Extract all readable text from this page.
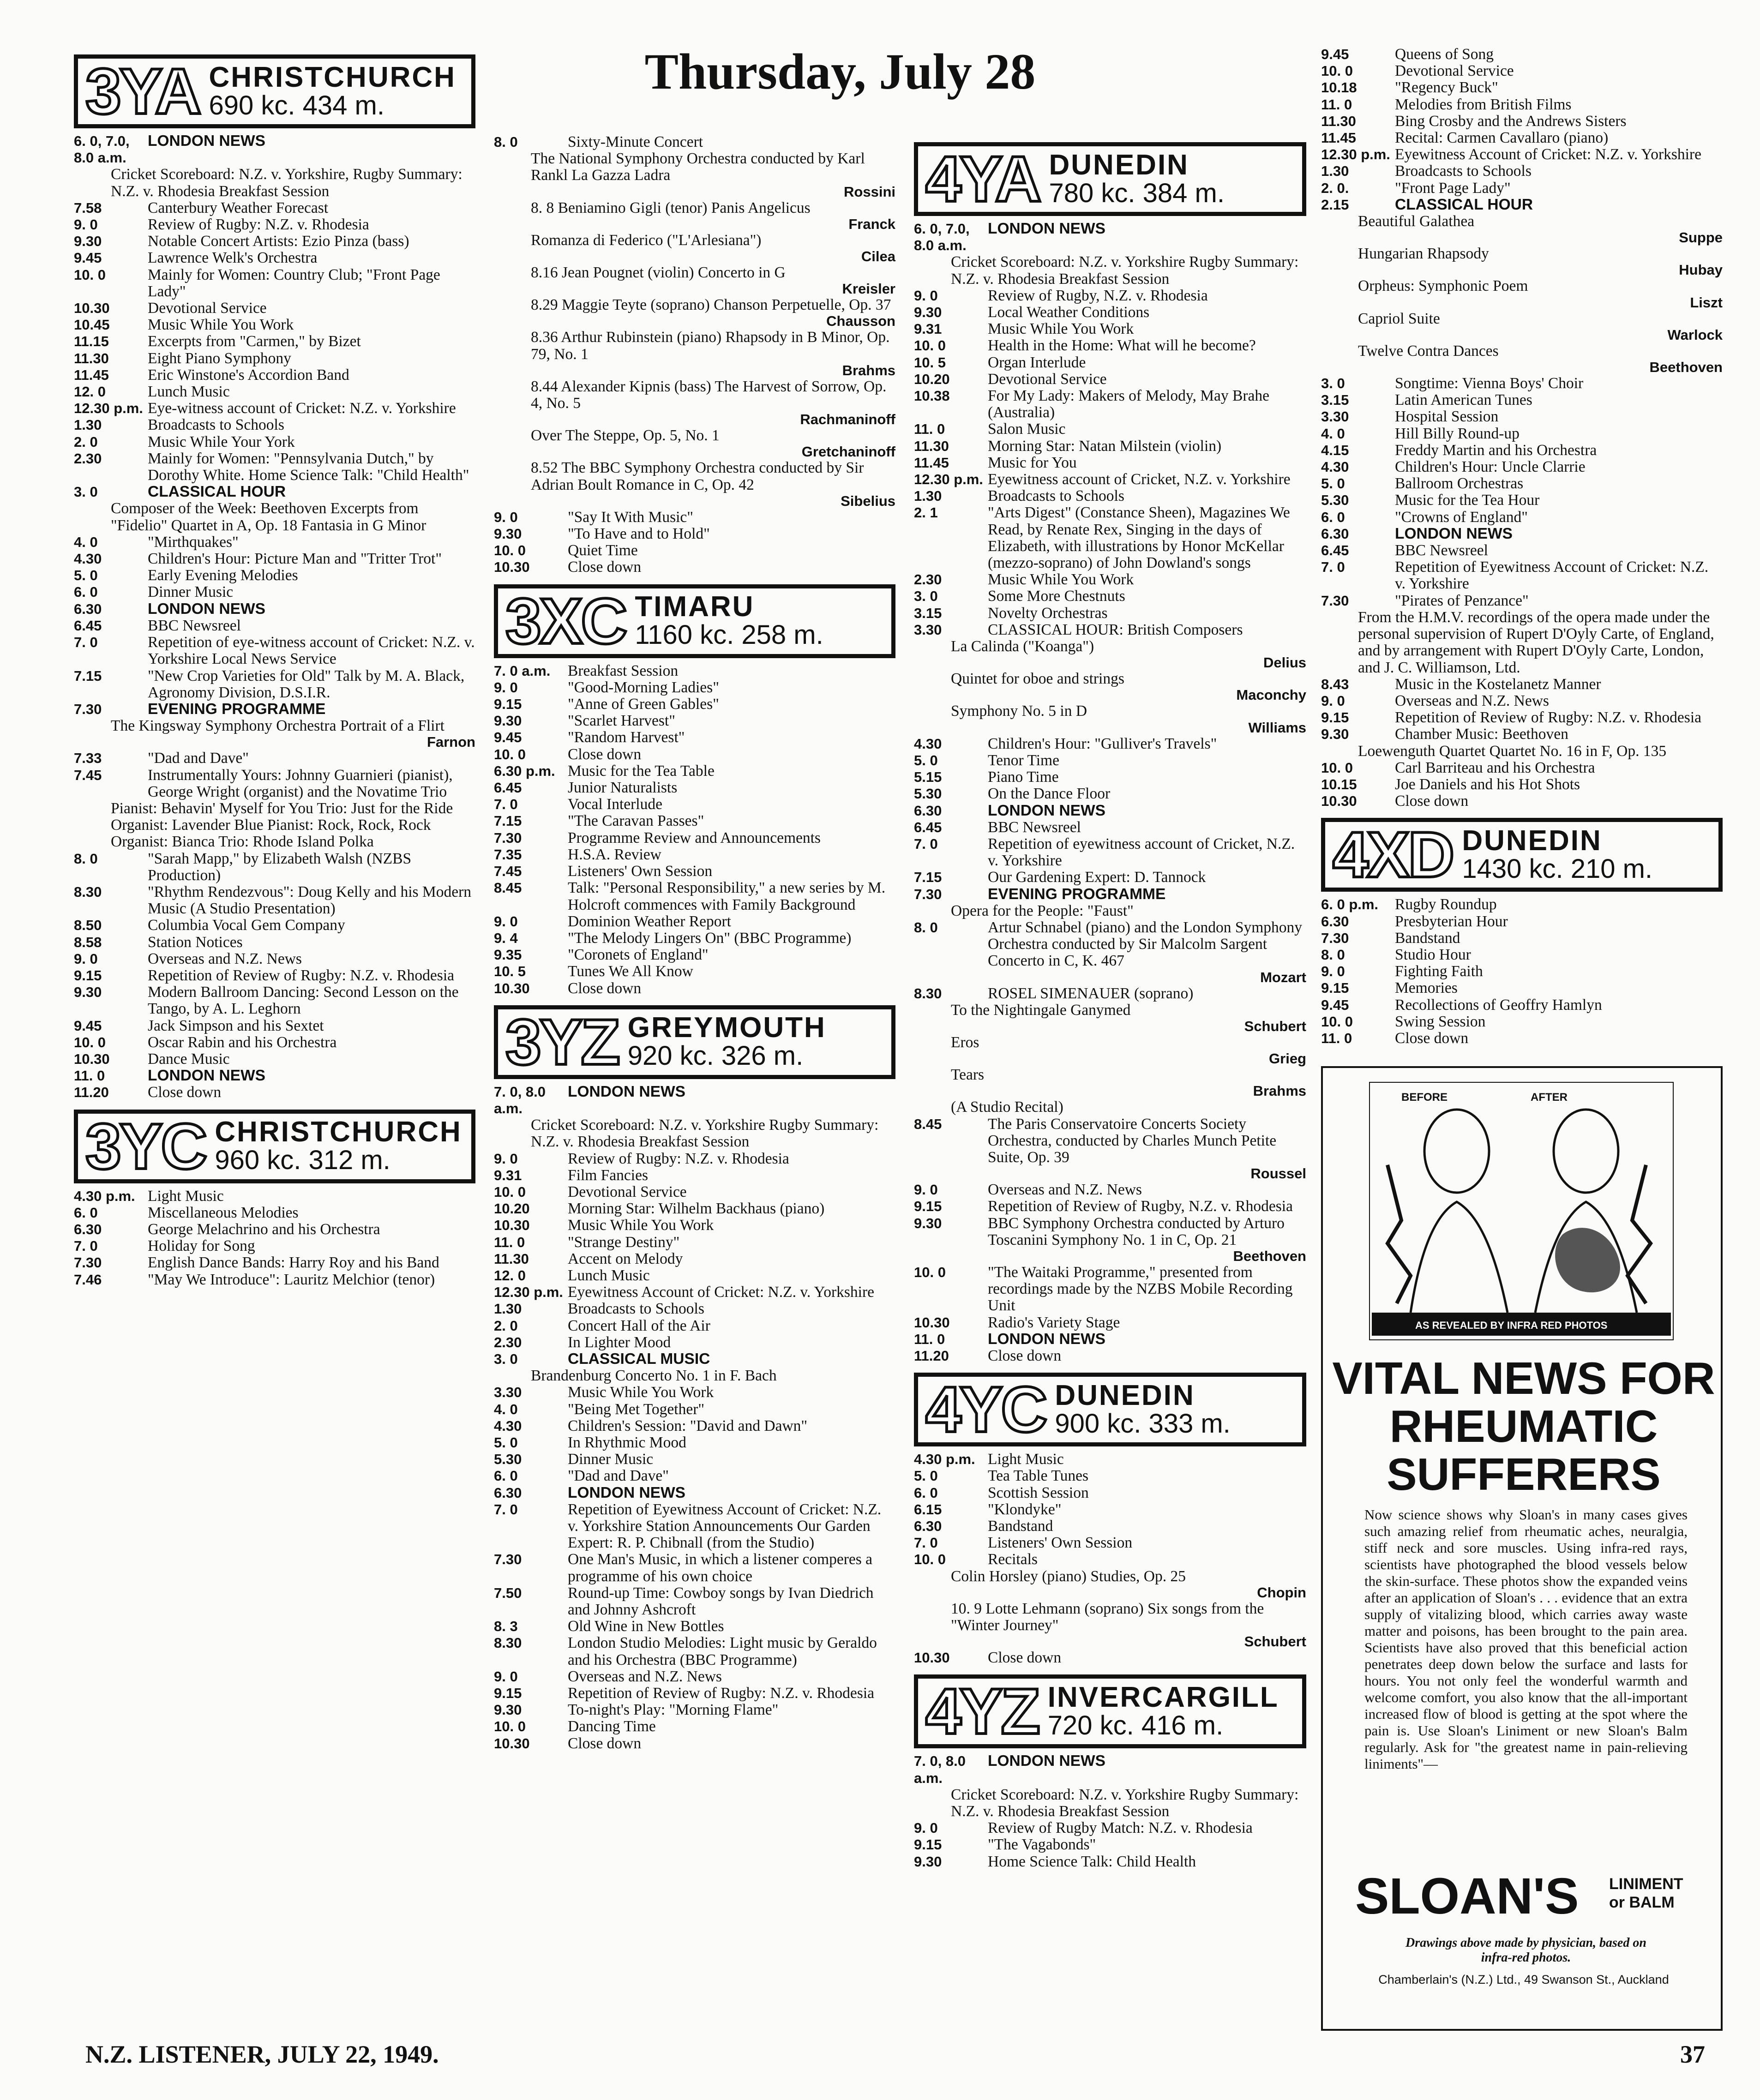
Thursday, July 28
3YA CHRISTCHURCH
690 kc. 434 m.
6. 0, 7.0, 8.0 a.m.
LONDON NEWS
Cricket Scoreboard: N.Z. v. Yorkshire, Rugby Summary: N.Z. v. Rhodesia Breakfast Session
7.58	Canterbury Weather Forecast
9. 0	Review of Rugby: N.Z. v. Rhodesia
9.30	Notable Concert Artists: Ezio Pinza (bass)
9.45	Lawrence Welk's Orchestra
10. 0	Mainly for Women: Country Club; "Front Page Lady"
10.30	Devotional Service
10.45	Music While You Work
11.15	Excerpts from "Carmen," by Bizet
11.30	Eight Piano Symphony
11.45	Eric Winstone's Accordion Band
12. 0	Lunch Music
12.30 p.m. Eye-witness account of Cricket: N.Z. v. Yorkshire
1.30	Broadcasts to Schools
2. 0	Music While Your York
2.30	Mainly for Women: "Pennsylvania Dutch," by Dorothy White. Home Science Talk: "Child Health"
3. 0	CLASSICAL HOUR
Composer of the Week: Beethoven Excerpts from "Fidelio" Quartet in A, Op. 18 Fantasia in G Minor
4. 0	"Mirthquakes"
4.30	Children's Hour: Picture Man and "Tritter Trot"
5. 0	Early Evening Melodies
6. 0	Dinner Music
6.30	LONDON NEWS
6.45	BBC Newsreel
7. 0	Repetition of eye-witness account of Cricket: N.Z. v. Yorkshire Local News Service
7.15	"New Crop Varieties for Old" Talk by M. A. Black, Agronomy Division, D.S.I.R.
7.30	EVENING PROGRAMME
The Kingsway Symphony Orchestra Portrait of a Flirt
Farnon
7.33	"Dad and Dave"
7.45	Instrumentally Yours: Johnny Guarnieri (pianist), George Wright (organist) and the Novatime Trio
Pianist: Behavin' Myself for You Trio: Just for the Ride Organist: Lavender Blue Pianist: Rock, Rock, Rock Organist: Bianca Trio: Rhode Island Polka
8. 0	"Sarah Mapp," by Elizabeth Walsh (NZBS Production)
8.30	"Rhythm Rendezvous": Doug Kelly and his Modern Music (A Studio Presentation)
8.50	Columbia Vocal Gem Company
8.58	Station Notices
9. 0	Overseas and N.Z. News
9.15	Repetition of Review of Rugby: N.Z. v. Rhodesia
9.30	Modern Ballroom Dancing: Second Lesson on the Tango, by A. L. Leghorn
9.45	Jack Simpson and his Sextet
10. 0	Oscar Rabin and his Orchestra
10.30	Dance Music
11. 0	LONDON NEWS
11.20	Close down
3YC CHRISTCHURCH
960 kc. 312 m.
4.30 p.m. Light Music
6. 0	Miscellaneous Melodies
6.30	George Melachrino and his Orchestra
7. 0	Holiday for Song
7.30	English Dance Bands: Harry Roy and his Band
7.46	"May We Introduce": Lauritz Melchior (tenor)
8. 0	Sixty-Minute Concert
The National Symphony Orchestra conducted by Karl Rankl La Gazza Ladra
Rossini
8. 8 Beniamino Gigli (tenor) Panis Angelicus
Franck
Romanza di Federico ("L'Arlesiana")
Cilea
8.16 Jean Pougnet (violin) Concerto in G
Kreisler
8.29 Maggie Teyte (soprano) Chanson Perpetuelle, Op. 37
Chausson
8.36 Arthur Rubinstein (piano) Rhapsody in B Minor, Op. 79, No. 1
Brahms
8.44 Alexander Kipnis (bass) The Harvest of Sorrow, Op. 4, No. 5
Rachmaninoff
Over The Steppe, Op. 5, No. 1
Gretchaninoff
8.52 The BBC Symphony Orchestra conducted by Sir Adrian Boult Romance in C, Op. 42
Sibelius
9. 0	"Say It With Music"
9.30	"To Have and to Hold"
10. 0	Quiet Time
10.30	Close down
3XC TIMARU
1160 kc. 258 m.
7. 0 a.m.	Breakfast Session
9. 0	"Good-Morning Ladies"
9.15	"Anne of Green Gables"
9.30	"Scarlet Harvest"
9.45	"Random Harvest"
10. 0	Close down
6.30 p.m. Music for the Tea Table
6.45	Junior Naturalists
7. 0	Vocal Interlude
7.15	"The Caravan Passes"
7.30	Programme Review and Announcements
7.35	H.S.A. Review
7.45	Listeners' Own Session
8.45	Talk: "Personal Responsibility," a new series by M. Holcroft commences with Family Background
9. 0	Dominion Weather Report
9. 4	"The Melody Lingers On" (BBC Programme)
9.35	"Coronets of England"
10. 5	Tunes We All Know
10.30	Close down
3YZ GREYMOUTH
920 kc. 326 m.
7. 0, 8.0 a.m.
LONDON NEWS
Cricket Scoreboard: N.Z. v. Yorkshire Rugby Summary: N.Z. v. Rhodesia Breakfast Session
9. 0	Review of Rugby: N.Z. v. Rhodesia
9.31	Film Fancies
10. 0	Devotional Service
10.20	Morning Star: Wilhelm Backhaus (piano)
10.30	Music While You Work
11. 0	"Strange Destiny"
11.30	Accent on Melody
12. 0	Lunch Music
12.30 p.m. Eyewitness Account of Cricket: N.Z. v. Yorkshire
1.30	Broadcasts to Schools
2. 0	Concert Hall of the Air
2.30	In Lighter Mood
3. 0	CLASSICAL MUSIC
Brandenburg Concerto No. 1 in F. Bach
3.30	Music While You Work
4. 0	"Being Met Together"
4.30	Children's Session: "David and Dawn"
5. 0	In Rhythmic Mood
5.30	Dinner Music
6. 0	"Dad and Dave"
6.30	LONDON NEWS
7. 0	Repetition of Eyewitness Account of Cricket: N.Z. v. Yorkshire Station Announcements Our Garden Expert: R. P. Chibnall (from the Studio)
7.30	One Man's Music, in which a listener comperes a programme of his own choice
7.50	Round-up Time: Cowboy songs by Ivan Diedrich and Johnny Ashcroft
8. 3	Old Wine in New Bottles
8.30	London Studio Melodies: Light music by Geraldo and his Orchestra (BBC Programme)
9. 0	Overseas and N.Z. News
9.15	Repetition of Review of Rugby: N.Z. v. Rhodesia
9.30	To-night's Play: "Morning Flame"
10. 0	Dancing Time
10.30	Close down
4YA DUNEDIN
780 kc. 384 m.
6. 0, 7.0, 8.0 a.m.
LONDON NEWS
Cricket Scoreboard: N.Z. v. Yorkshire Rugby Summary: N.Z. v. Rhodesia Breakfast Session
9. 0	Review of Rugby, N.Z. v. Rhodesia
9.30	Local Weather Conditions
9.31	Music While You Work
10. 0	Health in the Home: What will he become?
10. 5	Organ Interlude
10.20	Devotional Service
10.38	For My Lady: Makers of Melody, May Brahe (Australia)
11. 0	Salon Music
11.30	Morning Star: Natan Milstein (violin)
11.45	Music for You
12.30 p.m. Eyewitness account of Cricket, N.Z. v. Yorkshire
1.30	Broadcasts to Schools
2. 1	"Arts Digest" (Constance Sheen), Magazines We Read, by Renate Rex, Singing in the days of Elizabeth, with illustrations by Honor McKellar (mezzo-soprano) of John Dowland's songs
2.30	Music While You Work
3. 0	Some More Chestnuts
3.15	Novelty Orchestras
3.30	CLASSICAL HOUR: British Composers
La Calinda ("Koanga")
Delius
Quintet for oboe and strings
Maconchy
Symphony No. 5 in D
Williams
4.30	Children's Hour: "Gulliver's Travels"
5. 0	Tenor Time
5.15	Piano Time
5.30	On the Dance Floor
6.30	LONDON NEWS
6.45	BBC Newsreel
7. 0	Repetition of eyewitness account of Cricket, N.Z. v. Yorkshire
7.15	Our Gardening Expert: D. Tannock
7.30	EVENING PROGRAMME
Opera for the People: "Faust"
8. 0	Artur Schnabel (piano) and the London Symphony Orchestra conducted by Sir Malcolm Sargent Concerto in C, K. 467
Mozart
8.30	ROSEL SIMENAUER (soprano)
To the Nightingale Ganymed
Schubert
Eros
Grieg
Tears
Brahms
(A Studio Recital)
8.45	The Paris Conservatoire Concerts Society Orchestra, conducted by Charles Munch Petite Suite, Op. 39
Roussel
9. 0	Overseas and N.Z. News
9.15	Repetition of Review of Rugby, N.Z. v. Rhodesia
9.30	BBC Symphony Orchestra conducted by Arturo Toscanini Symphony No. 1 in C, Op. 21
Beethoven
10. 0	"The Waitaki Programme," presented from recordings made by the NZBS Mobile Recording Unit
10.30	Radio's Variety Stage
11. 0	LONDON NEWS
11.20	Close down
4YC DUNEDIN
900 kc. 333 m.
4.30 p.m. Light Music
5. 0	Tea Table Tunes
6. 0	Scottish Session
6.15	"Klondyke"
6.30	Bandstand
7. 0	Listeners' Own Session
10. 0	Recitals
Colin Horsley (piano) Studies, Op. 25
Chopin
10. 9 Lotte Lehmann (soprano) Six songs from the "Winter Journey"
Schubert
10.30	Close down
4YZ INVERCARGILL
720 kc. 416 m.
7. 0, 8.0 a.m.
LONDON NEWS
Cricket Scoreboard: N.Z. v. Yorkshire Rugby Summary: N.Z. v. Rhodesia Breakfast Session
9. 0	Review of Rugby Match: N.Z. v. Rhodesia
9.15	"The Vagabonds"
9.30	Home Science Talk: Child Health
9.45	Queens of Song
10. 0	Devotional Service
10.18	"Regency Buck"
11. 0	Melodies from British Films
11.30	Bing Crosby and the Andrews Sisters
11.45	Recital: Carmen Cavallaro (piano)
12.30 p.m. Eyewitness Account of Cricket: N.Z. v. Yorkshire
1.30	Broadcasts to Schools
2. 0.	"Front Page Lady"
2.15	CLASSICAL HOUR
Beautiful Galathea
Suppe
Hungarian Rhapsody
Hubay
Orpheus: Symphonic Poem
Liszt
Capriol Suite
Warlock
Twelve Contra Dances
Beethoven
3. 0	Songtime: Vienna Boys' Choir
3.15	Latin American Tunes
3.30	Hospital Session
4. 0	Hill Billy Round-up
4.15	Freddy Martin and his Orchestra
4.30	Children's Hour: Uncle Clarrie
5. 0	Ballroom Orchestras
5.30	Music for the Tea Hour
6. 0	"Crowns of England"
6.30	LONDON NEWS
6.45	BBC Newsreel
7. 0	Repetition of Eyewitness Account of Cricket: N.Z. v. Yorkshire
7.30	"Pirates of Penzance"
From the H.M.V. recordings of the opera made under the personal supervision of Rupert D'Oyly Carte, of England, and by arrangement with Rupert D'Oyly Carte, London, and J. C. Williamson, Ltd.
8.43	Music in the Kostelanetz Manner
9. 0	Overseas and N.Z. News
9.15	Repetition of Review of Rugby: N.Z. v. Rhodesia
9.30	Chamber Music: Beethoven
Loewenguth Quartet Quartet No. 16 in F, Op. 135
10. 0	Carl Barriteau and his Orchestra
10.15	Joe Daniels and his Hot Shots
10.30	Close down
4XD DUNEDIN
1430 kc. 210 m.
6. 0 p.m.	Rugby Roundup
6.30	Presbyterian Hour
7.30	Bandstand
8. 0	Studio Hour
9. 0	Fighting Faith
9.15	Memories
9.45	Recollections of Geoffry Hamlyn
10. 0	Swing Session
11. 0	Close down
BEFORE	AFTER
AS REVEALED BY INFRA RED PHOTOS
VITAL NEWS FOR RHEUMATIC SUFFERERS
Now science shows why Sloan's in many cases gives such amazing relief from rheumatic aches, neuralgia, stiff neck and sore muscles. Using infra-red rays, scientists have photographed the blood vessels below the skin-surface. These photos show the expanded veins after an application of Sloan's . . . evidence that an extra supply of vitalizing blood, which carries away waste matter and poisons, has been brought to the pain area. Scientists have also proved that this beneficial action penetrates deep down below the surface and lasts for hours. You not only feel the wonderful warmth and welcome comfort, you also know that the all-important increased flow of blood is getting at the spot where the pain is. Use Sloan's Liniment or new Sloan's Balm regularly. Ask for "the greatest name in pain-relieving liniments"—
SLOAN'S LINIMENT or BALM
Drawings above made by physician, based on infra-red photos.
Chamberlain's (N.Z.) Ltd., 49 Swanson St., Auckland
N.Z. LISTENER, JULY 22, 1949.	37
